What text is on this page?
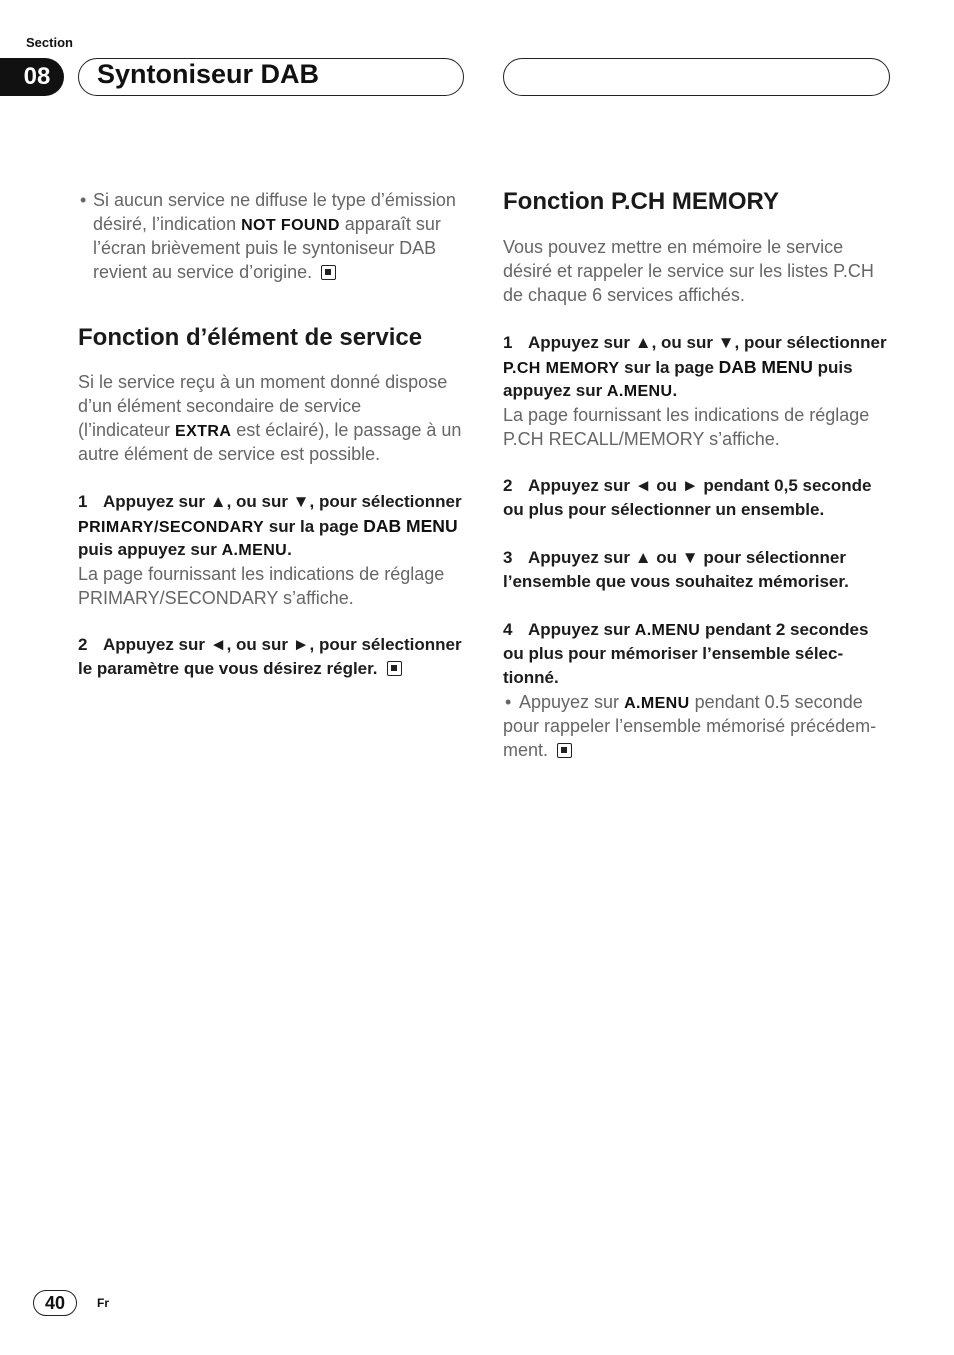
Section
08	Syntoniseur DAB
• Si aucun service ne diffuse le type d’émission
désiré, l’indication NOT FOUND apparaît sur
l’écran brièvement puis le syntoniseur DAB
revient au service d’origine.
Fonction d’élément de service
Si le service reçu à un moment donné dispose
d’un élément secondaire de service
(l’indicateur EXTRA est éclairé), le passage à un
autre élément de service est possible.
1 Appuyez sur ▲, ou sur ▼, pour sélectionner
PRIMARY/SECONDARY sur la page DAB MENU
puis appuyez sur A.MENU.
La page fournissant les indications de réglage
PRIMARY/SECONDARY s’affiche.
2 Appuyez sur ◄, ou sur ►, pour sélectionner
le paramètre que vous désirez régler.
Fonction P.CH MEMORY
Vous pouvez mettre en mémoire le service
désiré et rappeler le service sur les listes P.CH
de chaque 6 services affichés.
1 Appuyez sur ▲, ou sur ▼, pour sélectionner
P.CH MEMORY sur la page DAB MENU puis
appuyez sur A.MENU.
La page fournissant les indications de réglage
P.CH RECALL/MEMORY s’affiche.
2 Appuyez sur ◄ ou ► pendant 0,5 seconde
ou plus pour sélectionner un ensemble.
3 Appuyez sur ▲ ou ▼ pour sélectionner
l’ensemble que vous souhaitez mémoriser.
4 Appuyez sur A.MENU pendant 2 secondes
ou plus pour mémoriser l’ensemble sélec-
tionné.
• Appuyez sur A.MENU pendant 0.5 seconde
pour rappeler l’ensemble mémorisé précédem-
ment.
40	Fr
